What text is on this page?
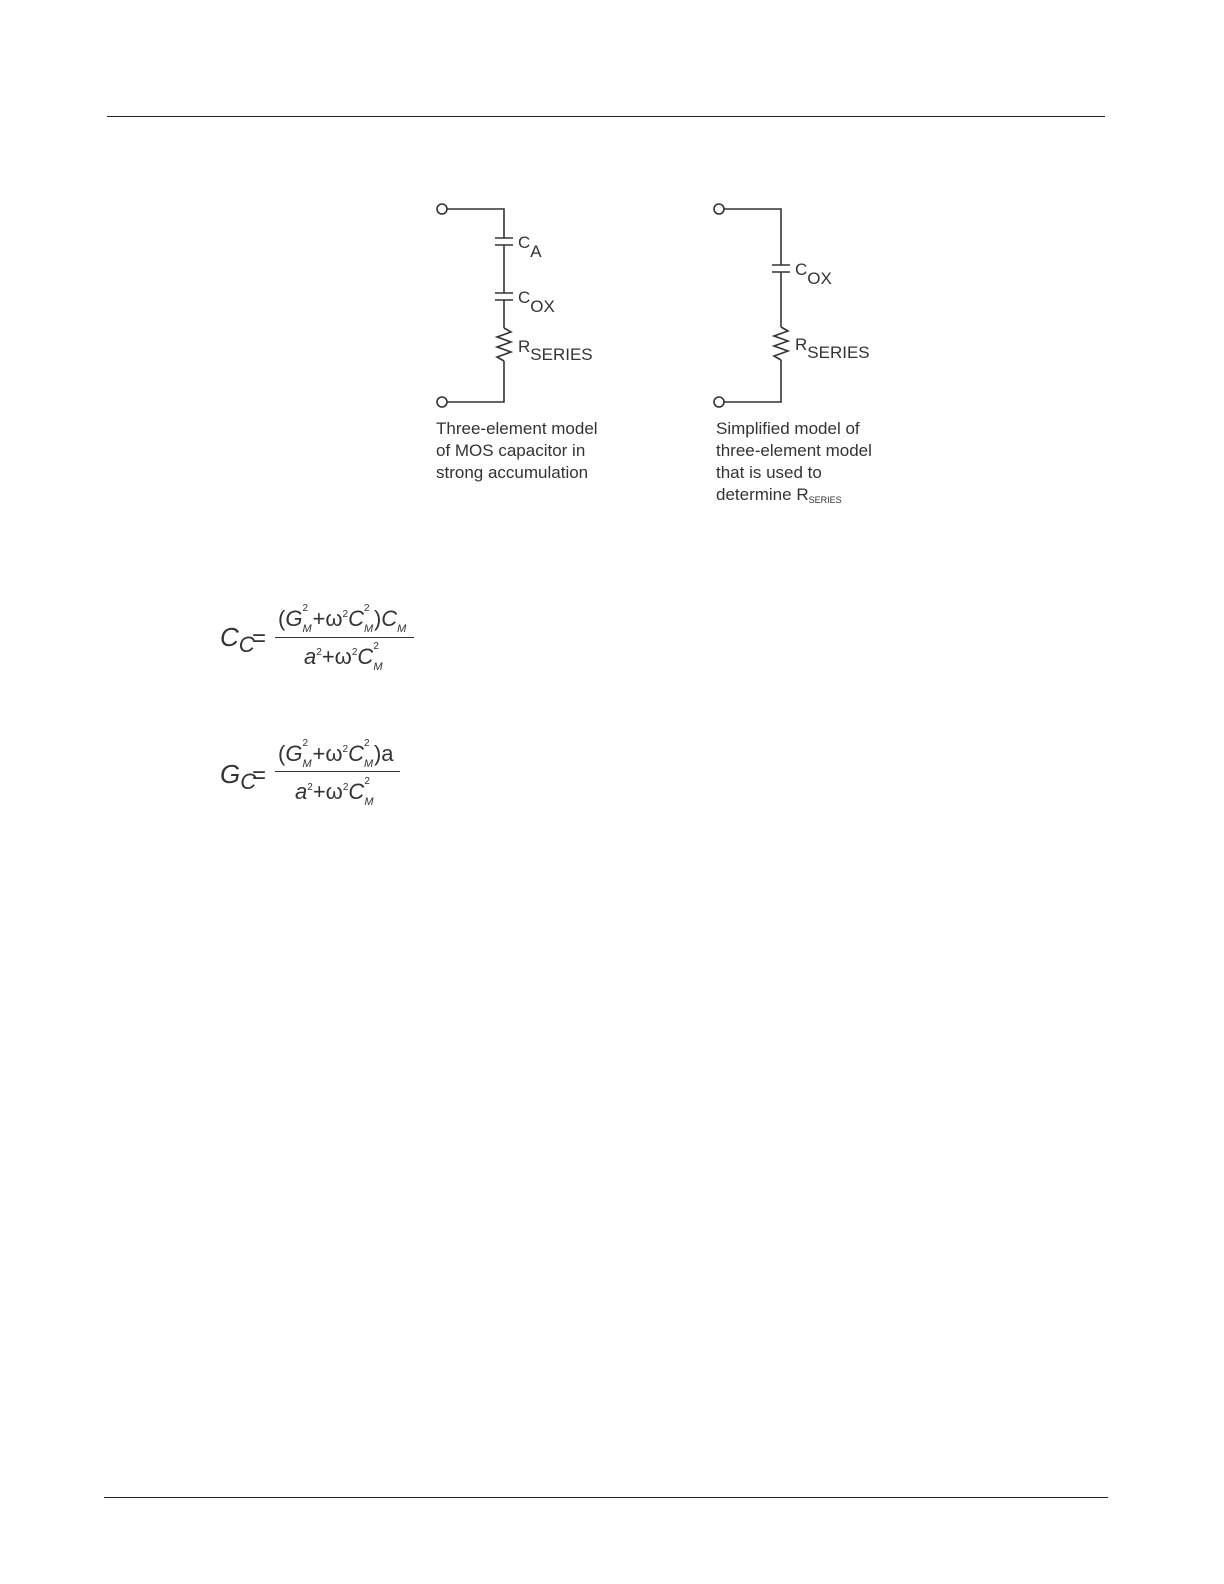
CA
COX
RSERIES
COX
RSERIES
Three-element model
of MOS capacitor in
strong accumulation
Simplified model of
three-element model
that is used to
determine $R_{SERIES}$
$C_C$
=
(G 2
$M +\omega^2C$ 2
M )C M
$a^2+\omega^2C$ 2
M
$G_C$
=
(G 2
$M +\omega^2C$ 2
M )a
$a^2+\omega^2C$ 2
M
